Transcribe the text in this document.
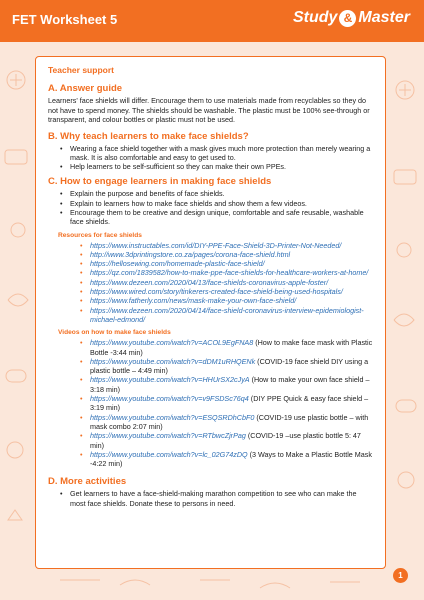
FET Worksheet 5	Study & Master
Teacher support
A. Answer guide

Learners' face shields will differ. Encourage them to use materials made from recyclables so they do not have to spend money. The shields should be washable. The plastic must be 100% see-through or transparent, and colour bottles or plastic must not be used.

B. Why teach learners to make face shields?
• Wearing a face shield together with a mask gives much more protection than merely wearing a mask. It is also comfortable and easy to get used to.
• Help learners to be self-sufficient so they can make their own PPEs.
C. How to engage learners in making face shields
• Explain the purpose and benefits of face shields.
• Explain to learners how to make face shields and show them a few videos.
• Encourage them to be creative and design unique, comfortable and safe reusable, washable face shields.
Resources for face shields
• https://www.instructables.com/id/DIY-PPE-Face-Shield-3D-Printer-Not-Needed/
• http://www.3dprintingstore.co.za/pages/corona-face-shield.html
• https://hellosewing.com/homemade-plastic-face-shield/
• https://qz.com/1839582/how-to-make-ppe-face-shields-for-healthcare-workers-at-home/
• https://www.dezeen.com/2020/04/13/face-shields-coronavirus-apple-foster/
• https://www.wired.com/story/tinkerers-created-face-shield-being-used-hospitals/
• https://www.fatherly.com/news/mask-make-your-own-face-shield/
• https://www.dezeen.com/2020/04/14/face-shield-coronavirus-interview-epidemiologist-michael-edmond/
Videos on how to make face shields
• https://www.youtube.com/watch?v=ACOL9EgFNA8 (How to make face mask with Plastic Bottle -3:44 min)
• https://www.youtube.com/watch?v=dDM1uRHQENk (COVID-19 face shield DIY using a plastic bottle – 4:49 min)
• https://www.youtube.com/watch?v=HHUrSX2cJyA (How to make your own face shield –3:18 min)
• https://www.youtube.com/watch?v=v9FSDSc76q4 (DIY PPE Quick & easy face shield –3:19 min)
• https://www.youtube.com/watch?v=ESQSRDhCbF0 (COVID-19 use plastic bottle – with mask combo 2:07 min)
• https://www.youtube.com/watch?v=RTbwcZjrPag (COVID-19 –use plastic bottle 5: 47 min)
• https://www.youtube.com/watch?v=lc_02G74zDQ (3 Ways to Make a Plastic Bottle Mask -4:22 min)
D. More activities
• Get learners to have a face-shield-making marathon competition to see who can make the most face shields. Donate these to persons in need.
1
